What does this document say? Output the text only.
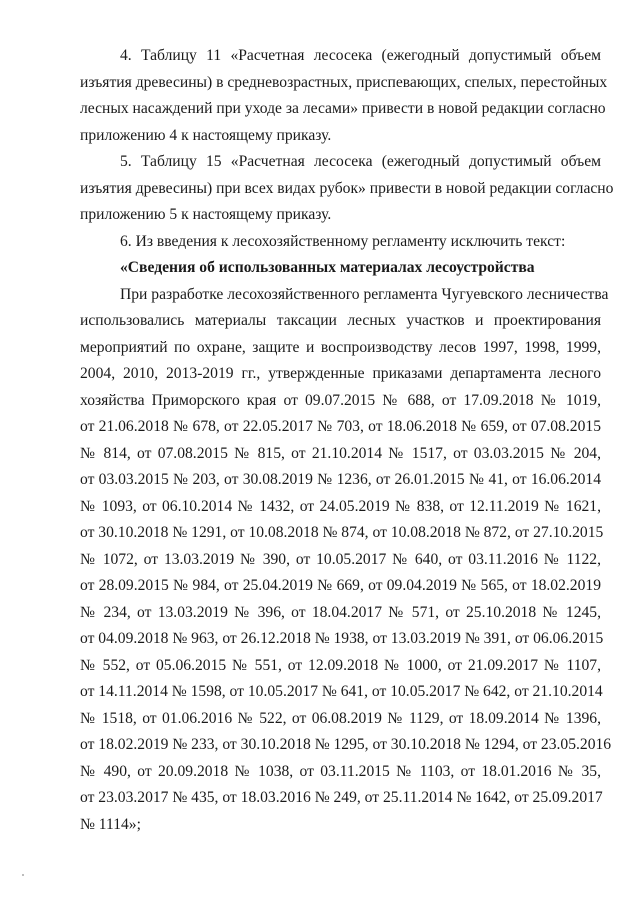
4. Таблицу 11 «Расчетная лесосека (ежегодный допустимый объем
изъятия древесины) в средневозрастных, приспевающих, спелых, перестойных
лесных насаждений при уходе за лесами» привести в новой редакции согласно
приложению 4 к настоящему приказу.
5. Таблицу 15 «Расчетная лесосека (ежегодный допустимый объем
изъятия древесины) при всех видах рубок» привести в новой редакции согласно
приложению 5 к настоящему приказу.
6. Из введения к лесохозяйственному регламенту исключить текст:
«Сведения об использованных материалах лесоустройства
При разработке лесохозяйственного регламента Чугуевского лесничества
использовались материалы таксации лесных участков и проектирования
мероприятий по охране, защите и воспроизводству лесов 1997, 1998, 1999,
2004, 2010, 2013-2019 гг., утвержденные приказами департамента лесного
хозяйства Приморского края от 09.07.2015 № 688, от 17.09.2018 № 1019,
от 21.06.2018 № 678, от 22.05.2017 № 703, от 18.06.2018 № 659, от 07.08.2015
№ 814, от 07.08.2015 № 815, от 21.10.2014 № 1517, от 03.03.2015 № 204,
от 03.03.2015 № 203, от 30.08.2019 № 1236, от 26.01.2015 № 41, от 16.06.2014
№ 1093, от 06.10.2014 № 1432, от 24.05.2019 № 838, от 12.11.2019 № 1621,
от 30.10.2018 № 1291, от 10.08.2018 № 874, от 10.08.2018 № 872, от 27.10.2015
№ 1072, от 13.03.2019 № 390, от 10.05.2017 № 640, от 03.11.2016 № 1122,
от 28.09.2015 № 984, от 25.04.2019 № 669, от 09.04.2019 № 565, от 18.02.2019
№ 234, от 13.03.2019 № 396, от 18.04.2017 № 571, от 25.10.2018 № 1245,
от 04.09.2018 № 963, от 26.12.2018 № 1938, от 13.03.2019 № 391, от 06.06.2015
№ 552, от 05.06.2015 № 551, от 12.09.2018 № 1000, от 21.09.2017 № 1107,
от 14.11.2014 № 1598, от 10.05.2017 № 641, от 10.05.2017 № 642, от 21.10.2014
№ 1518, от 01.06.2016 № 522, от 06.08.2019 № 1129, от 18.09.2014 № 1396,
от 18.02.2019 № 233, от 30.10.2018 № 1295, от 30.10.2018 № 1294, от 23.05.2016
№ 490, от 20.09.2018 № 1038, от 03.11.2015 № 1103, от 18.01.2016 № 35,
от 23.03.2017 № 435, от 18.03.2016 № 249, от 25.11.2014 № 1642, от 25.09.2017
№ 1114»;
